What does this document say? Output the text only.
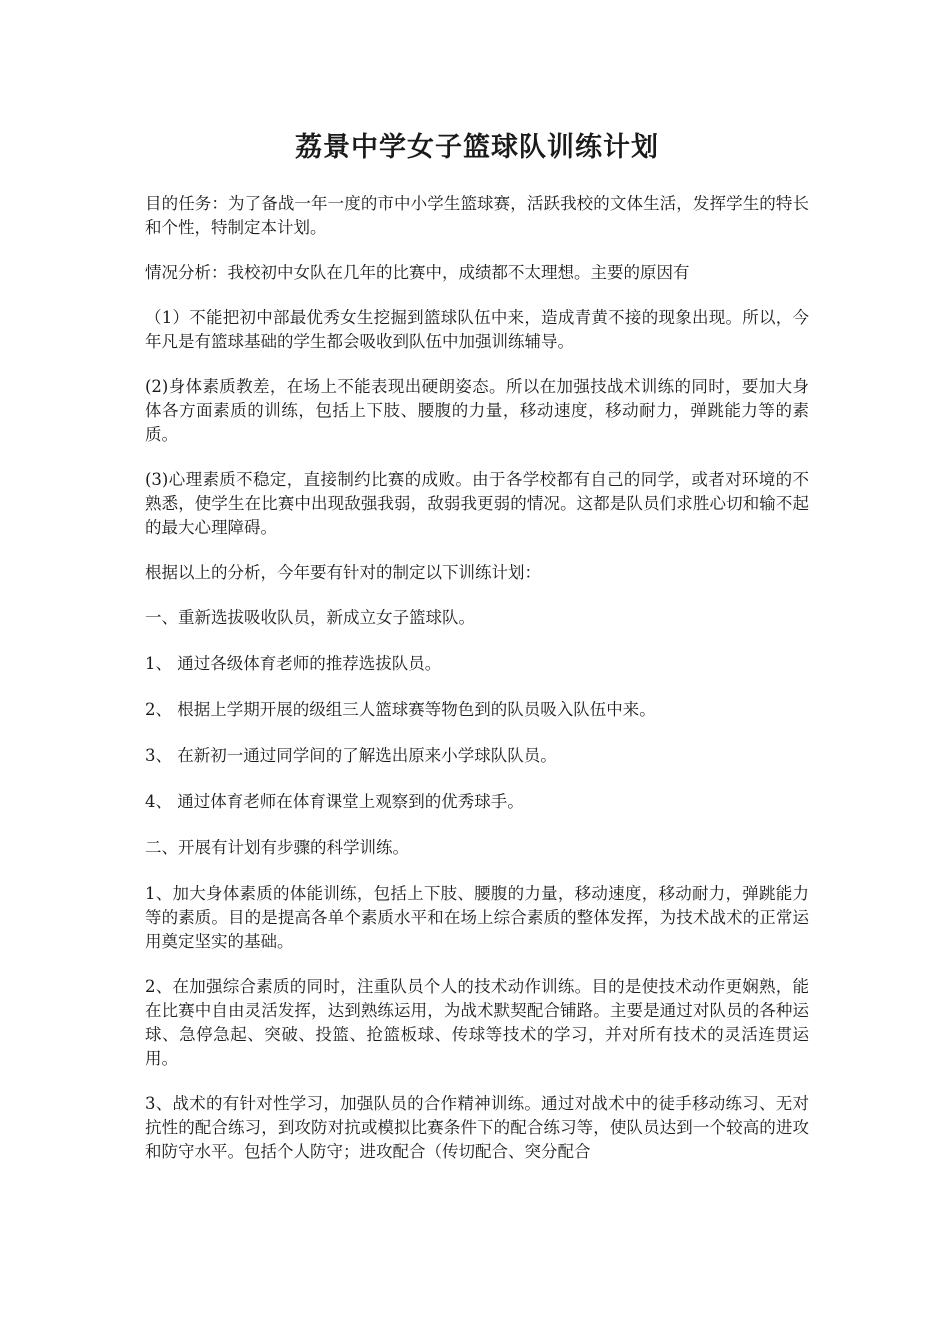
荔景中学女子篮球队训练计划

目的任务：为了备战一年一度的市中小学生篮球赛，活跃我校的文体生活，发挥学生的特长和个性，特制定本计划。

情况分析：我校初中女队在几年的比赛中，成绩都不太理想。主要的原因有

（1）不能把初中部最优秀女生挖掘到篮球队伍中来，造成青黄不接的现象出现。所以，今年凡是有篮球基础的学生都会吸收到队伍中加强训练辅导。

(2)身体素质教差，在场上不能表现出硬朗姿态。所以在加强技战术训练的同时，要加大身体各方面素质的训练，包括上下肢、腰腹的力量，移动速度，移动耐力，弹跳能力等的素质。

(3)心理素质不稳定，直接制约比赛的成败。由于各学校都有自己的同学，或者对环境的不熟悉，使学生在比赛中出现敌强我弱，敌弱我更弱的情况。这都是队员们求胜心切和输不起的最大心理障碍。

根据以上的分析，今年要有针对的制定以下训练计划：

一、重新选拔吸收队员，新成立女子篮球队。

1、 通过各级体育老师的推荐选拔队员。

2、 根据上学期开展的级组三人篮球赛等物色到的队员吸入队伍中来。

3、 在新初一通过同学间的了解选出原来小学球队队员。

4、 通过体育老师在体育课堂上观察到的优秀球手。

二、开展有计划有步骤的科学训练。

1、加大身体素质的体能训练，包括上下肢、腰腹的力量，移动速度，移动耐力，弹跳能力等的素质。目的是提高各单个素质水平和在场上综合素质的整体发挥，为技术战术的正常运用奠定坚实的基础。

2、在加强综合素质的同时，注重队员个人的技术动作训练。目的是使技术动作更娴熟，能在比赛中自由灵活发挥，达到熟练运用，为战术默契配合铺路。主要是通过对队员的各种运球、急停急起、突破、投篮、抢篮板球、传球等技术的学习，并对所有技术的灵活连贯运用。

3、战术的有针对性学习，加强队员的合作精神训练。通过对战术中的徒手移动练习、无对抗性的配合练习，到攻防对抗或模拟比赛条件下的配合练习等，使队员达到一个较高的进攻和防守水平。包括个人防守；进攻配合（传切配合、突分配合
